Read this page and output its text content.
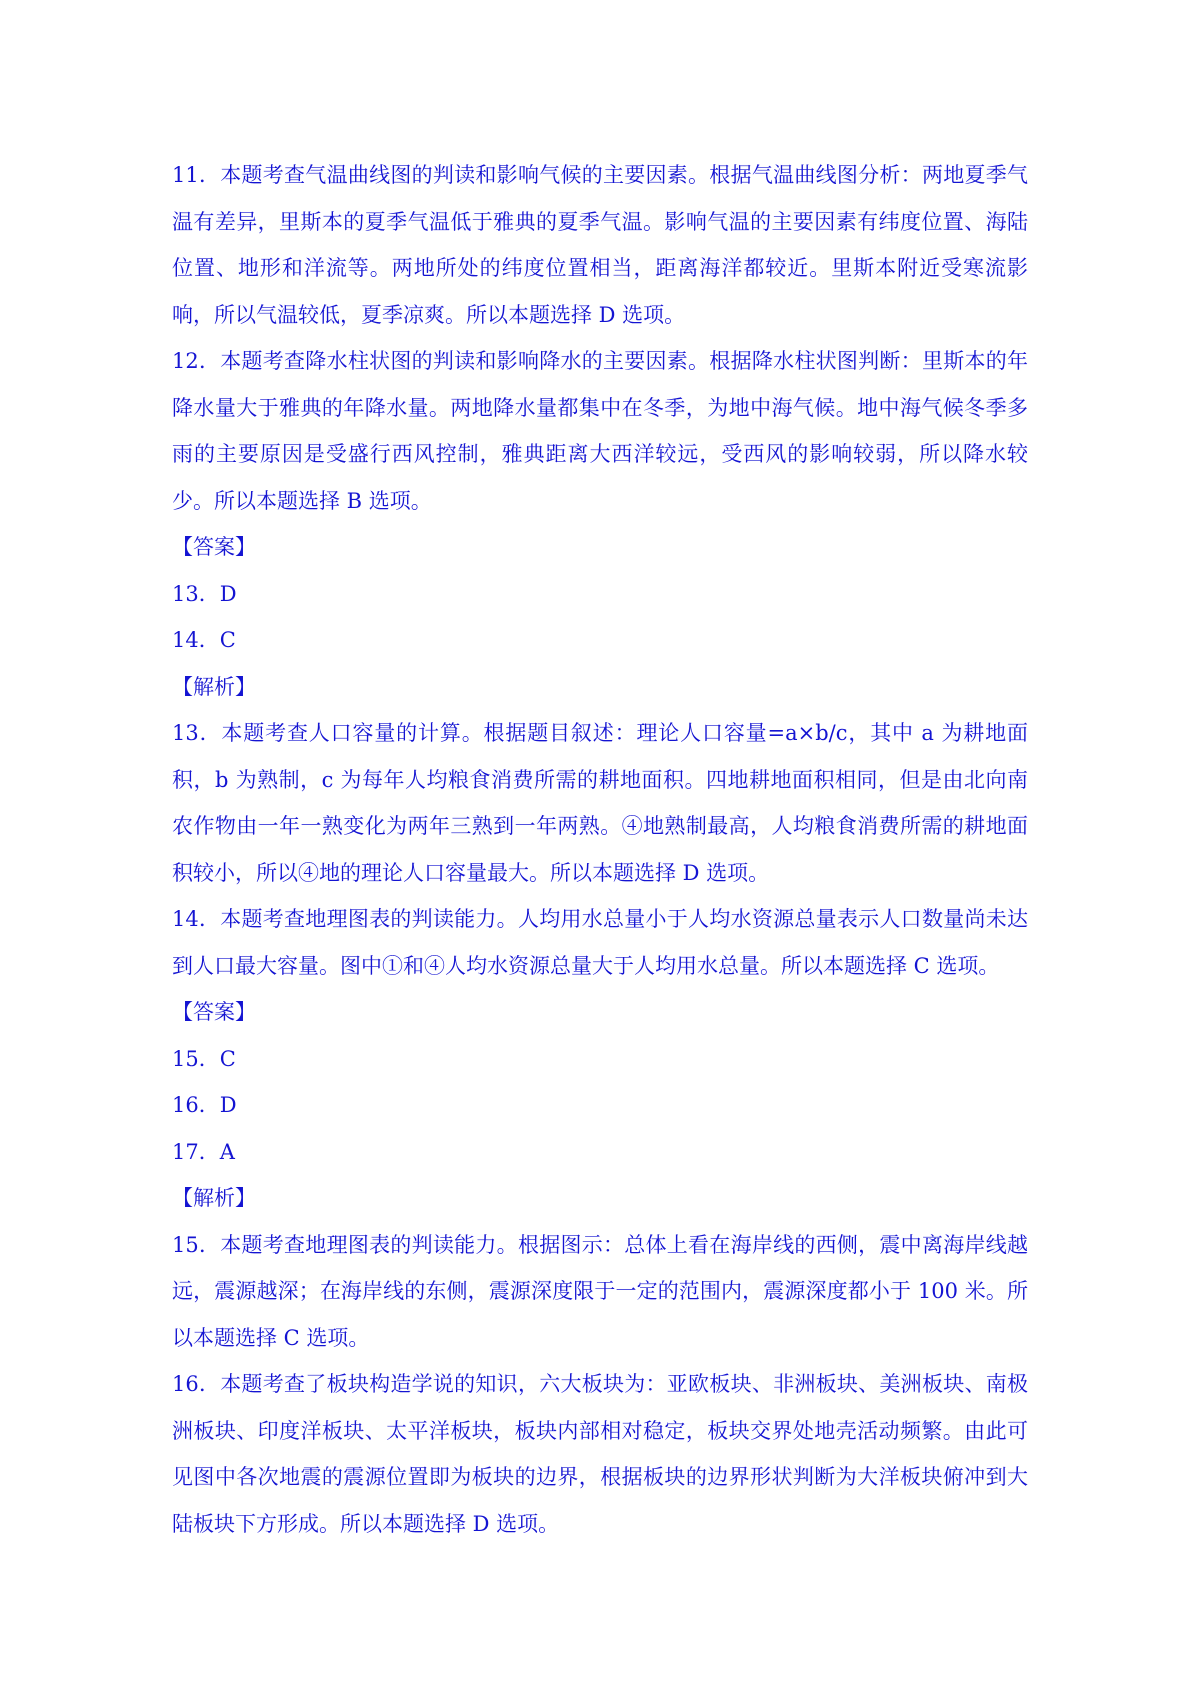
11．本题考查气温曲线图的判读和影响气候的主要因素。根据气温曲线图分析：两地夏季气温有差异，里斯本的夏季气温低于雅典的夏季气温。影响气温的主要因素有纬度位置、海陆位置、地形和洋流等。两地所处的纬度位置相当，距离海洋都较近。里斯本附近受寒流影响，所以气温较低，夏季凉爽。所以本题选择 D 选项。

12．本题考查降水柱状图的判读和影响降水的主要因素。根据降水柱状图判断：里斯本的年降水量大于雅典的年降水量。两地降水量都集中在冬季，为地中海气候。地中海气候冬季多雨的主要原因是受盛行西风控制，雅典距离大西洋较远，受西风的影响较弱，所以降水较少。所以本题选择 B 选项。

【答案】

13．D

14．C

【解析】

13．本题考查人口容量的计算。根据题目叙述：理论人口容量=a×b/c，其中 a 为耕地面积，b 为熟制，c 为每年人均粮食消费所需的耕地面积。四地耕地面积相同，但是由北向南农作物由一年一熟变化为两年三熟到一年两熟。④地熟制最高，人均粮食消费所需的耕地面积较小，所以④地的理论人口容量最大。所以本题选择 D 选项。

14．本题考查地理图表的判读能力。人均用水总量小于人均水资源总量表示人口数量尚未达到人口最大容量。图中①和④人均水资源总量大于人均用水总量。所以本题选择 C 选项。

【答案】

15．C

16．D

17．A

【解析】

15．本题考查地理图表的判读能力。根据图示：总体上看在海岸线的西侧，震中离海岸线越远，震源越深；在海岸线的东侧，震源深度限于一定的范围内，震源深度都小于 100 米。所以本题选择 C 选项。

16．本题考查了板块构造学说的知识，六大板块为：亚欧板块、非洲板块、美洲板块、南极洲板块、印度洋板块、太平洋板块，板块内部相对稳定，板块交界处地壳活动频繁。由此可见图中各次地震的震源位置即为板块的边界，根据板块的边界形状判断为大洋板块俯冲到大陆板块下方形成。所以本题选择 D 选项。
